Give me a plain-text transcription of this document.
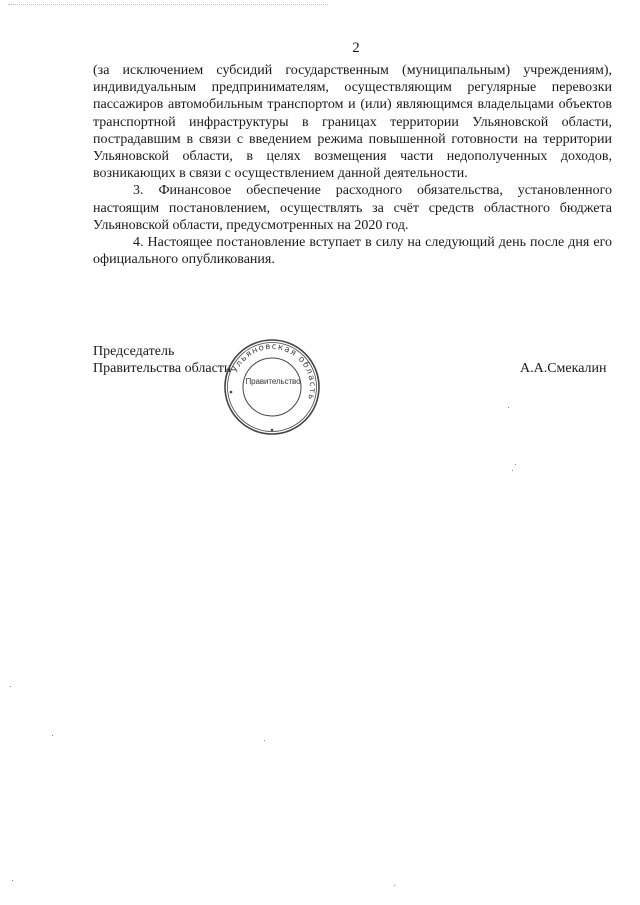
2

(за исключением субсидий государственным (муниципальным) учреждениям), индивидуальным предпринимателям, осуществляющим регулярные перевозки пассажиров автомобильным транспортом и (или) являющимся владельцами объектов транспортной инфраструктуры в границах территории Ульяновской области, пострадавшим в связи с введением режима повышенной готовности на территории Ульяновской области, в целях возмещения части недополученных доходов, возникающих в связи с осуществлением данной деятельности.

3. Финансовое обеспечение расходного обязательства, установленного настоящим постановлением, осуществлять за счёт средств областного бюджета Ульяновской области, предусмотренных на 2020 год.

4. Настоящее постановление вступает в силу на следующий день после дня его официального опубликования.

Председатель
Правительства области	А.А.Смекалин
Ульяновская область
Правительство
